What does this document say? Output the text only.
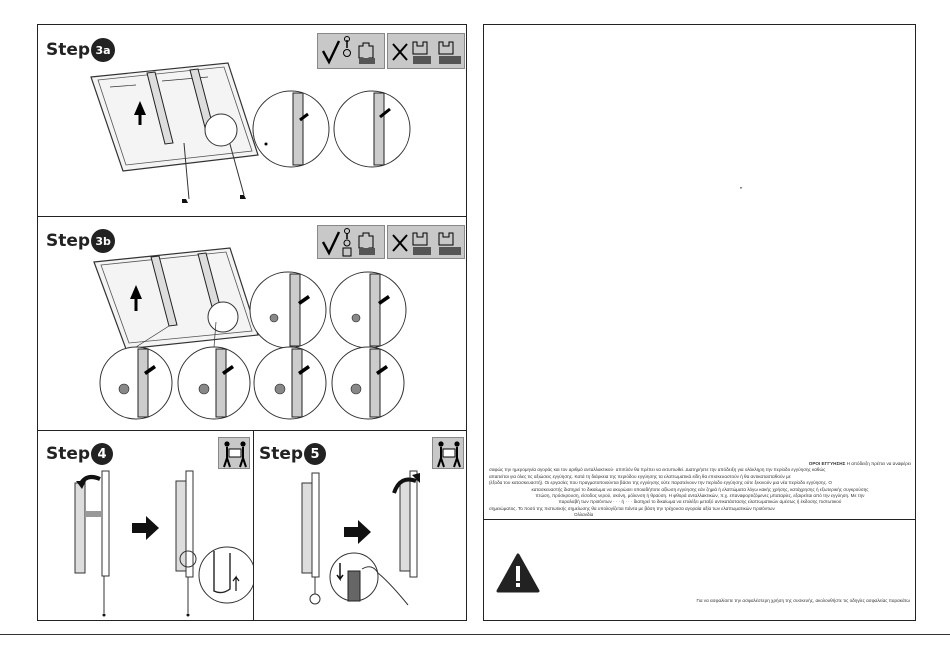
Step 3a
Step 3b
Step 4	Step 5
”
ΟΡΟΙ ΕΓΓΥΗΣΗΣ Η απόδειξη πρέπει να αναφέρει
σαφώς την ημερομηνία αγοράς και τον αριθμό ανταλλακτικού· απιπλόν θα πρέπει να εκτυπωθεί. Διατηρήστε την απόδειξη για ολόκληρη την περίοδο εγγύησης καθώς
απαιτείται για όλες τις αξιώσεις εγγύησης. Κατά τη διάρκεια της περιόδου εγγύησης τα ελαττωματικά είδη θα επισκευαστούν ή θα αντικατασταθούν με
(έξοδα του κατασκευαστή). Οι εργασίες που πραγματοποιούνται βάσει της εγγύησης ούτε παρατείνουν την περίοδο εγγύησης ούτε ξεκινούν μια νέα περίοδο εγγύησης. Ο
κατασκευαστής διατηρεί το δικαίωμα να ακυρώσει οποιαδήποτε αξίωση εγγύησης εάν ζημιά ή ελαττώματα λόγω κακής χρήσης, κατάχρησης ή εξωτερικής συγκρούσης
πτώση, πρόσκρουση, είσοδος νερού, σκόνη, μόλυνση ή θραύση. Η φθορά ανταλλακτικών, π.χ. επαναφορτιζόμενες μπαταρίες, εξαιρείται από την εγγύηση. Με την
παραλαβή των προϊόντων · · · ή · · · διατηρεί το δικαίωμα να επιλέξει μεταξύ αντικατάστασης ελαττωματικών αμέσως ή έκδοσης πιστωτικού
σημειώματος. Το ποσό της πιστωτικής σημείωσης θα υπολογίζεται πάντα με βάση την τρέχουσα αγοραία αξία των ελαττωματικών προϊόντων
Ολλανδία
Για να ασφαλίσετε την ασφαλέστερη χρήση της συσκευής, ακολουθήστε τις οδηγίες ασφαλείας παρακάτω
